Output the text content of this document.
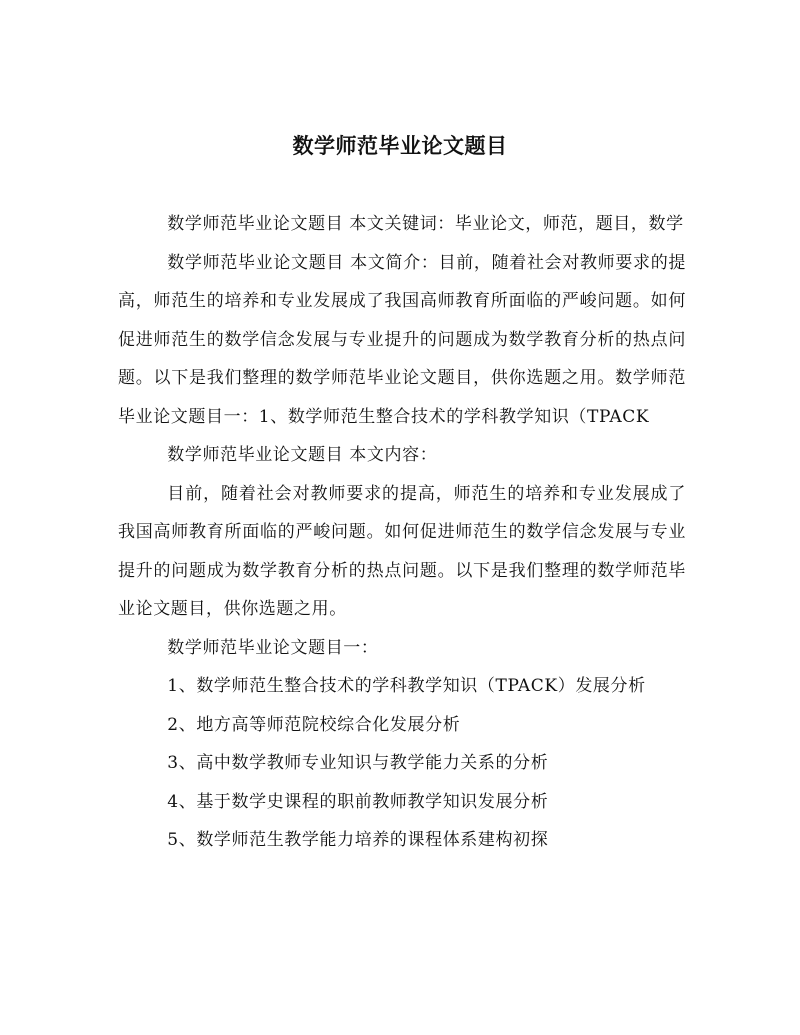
数学师范毕业论文题目

数学师范毕业论文题目 本文关键词：毕业论文，师范，题目，数学

数学师范毕业论文题目 本文简介：目前，随着社会对教师要求的提高，师范生的培养和专业发展成了我国高师教育所面临的严峻问题。如何促进师范生的数学信念发展与专业提升的问题成为数学教育分析的热点问题。以下是我们整理的数学师范毕业论文题目，供你选题之用。数学师范毕业论文题目一：1、数学师范生整合技术的学科教学知识（TPACK

数学师范毕业论文题目 本文内容：

目前，随着社会对教师要求的提高，师范生的培养和专业发展成了我国高师教育所面临的严峻问题。如何促进师范生的数学信念发展与专业提升的问题成为数学教育分析的热点问题。以下是我们整理的数学师范毕业论文题目，供你选题之用。

数学师范毕业论文题目一：

1、数学师范生整合技术的学科教学知识（TPACK）发展分析

2、地方高等师范院校综合化发展分析

3、高中数学教师专业知识与教学能力关系的分析

4、基于数学史课程的职前教师教学知识发展分析

5、数学师范生教学能力培养的课程体系建构初探
